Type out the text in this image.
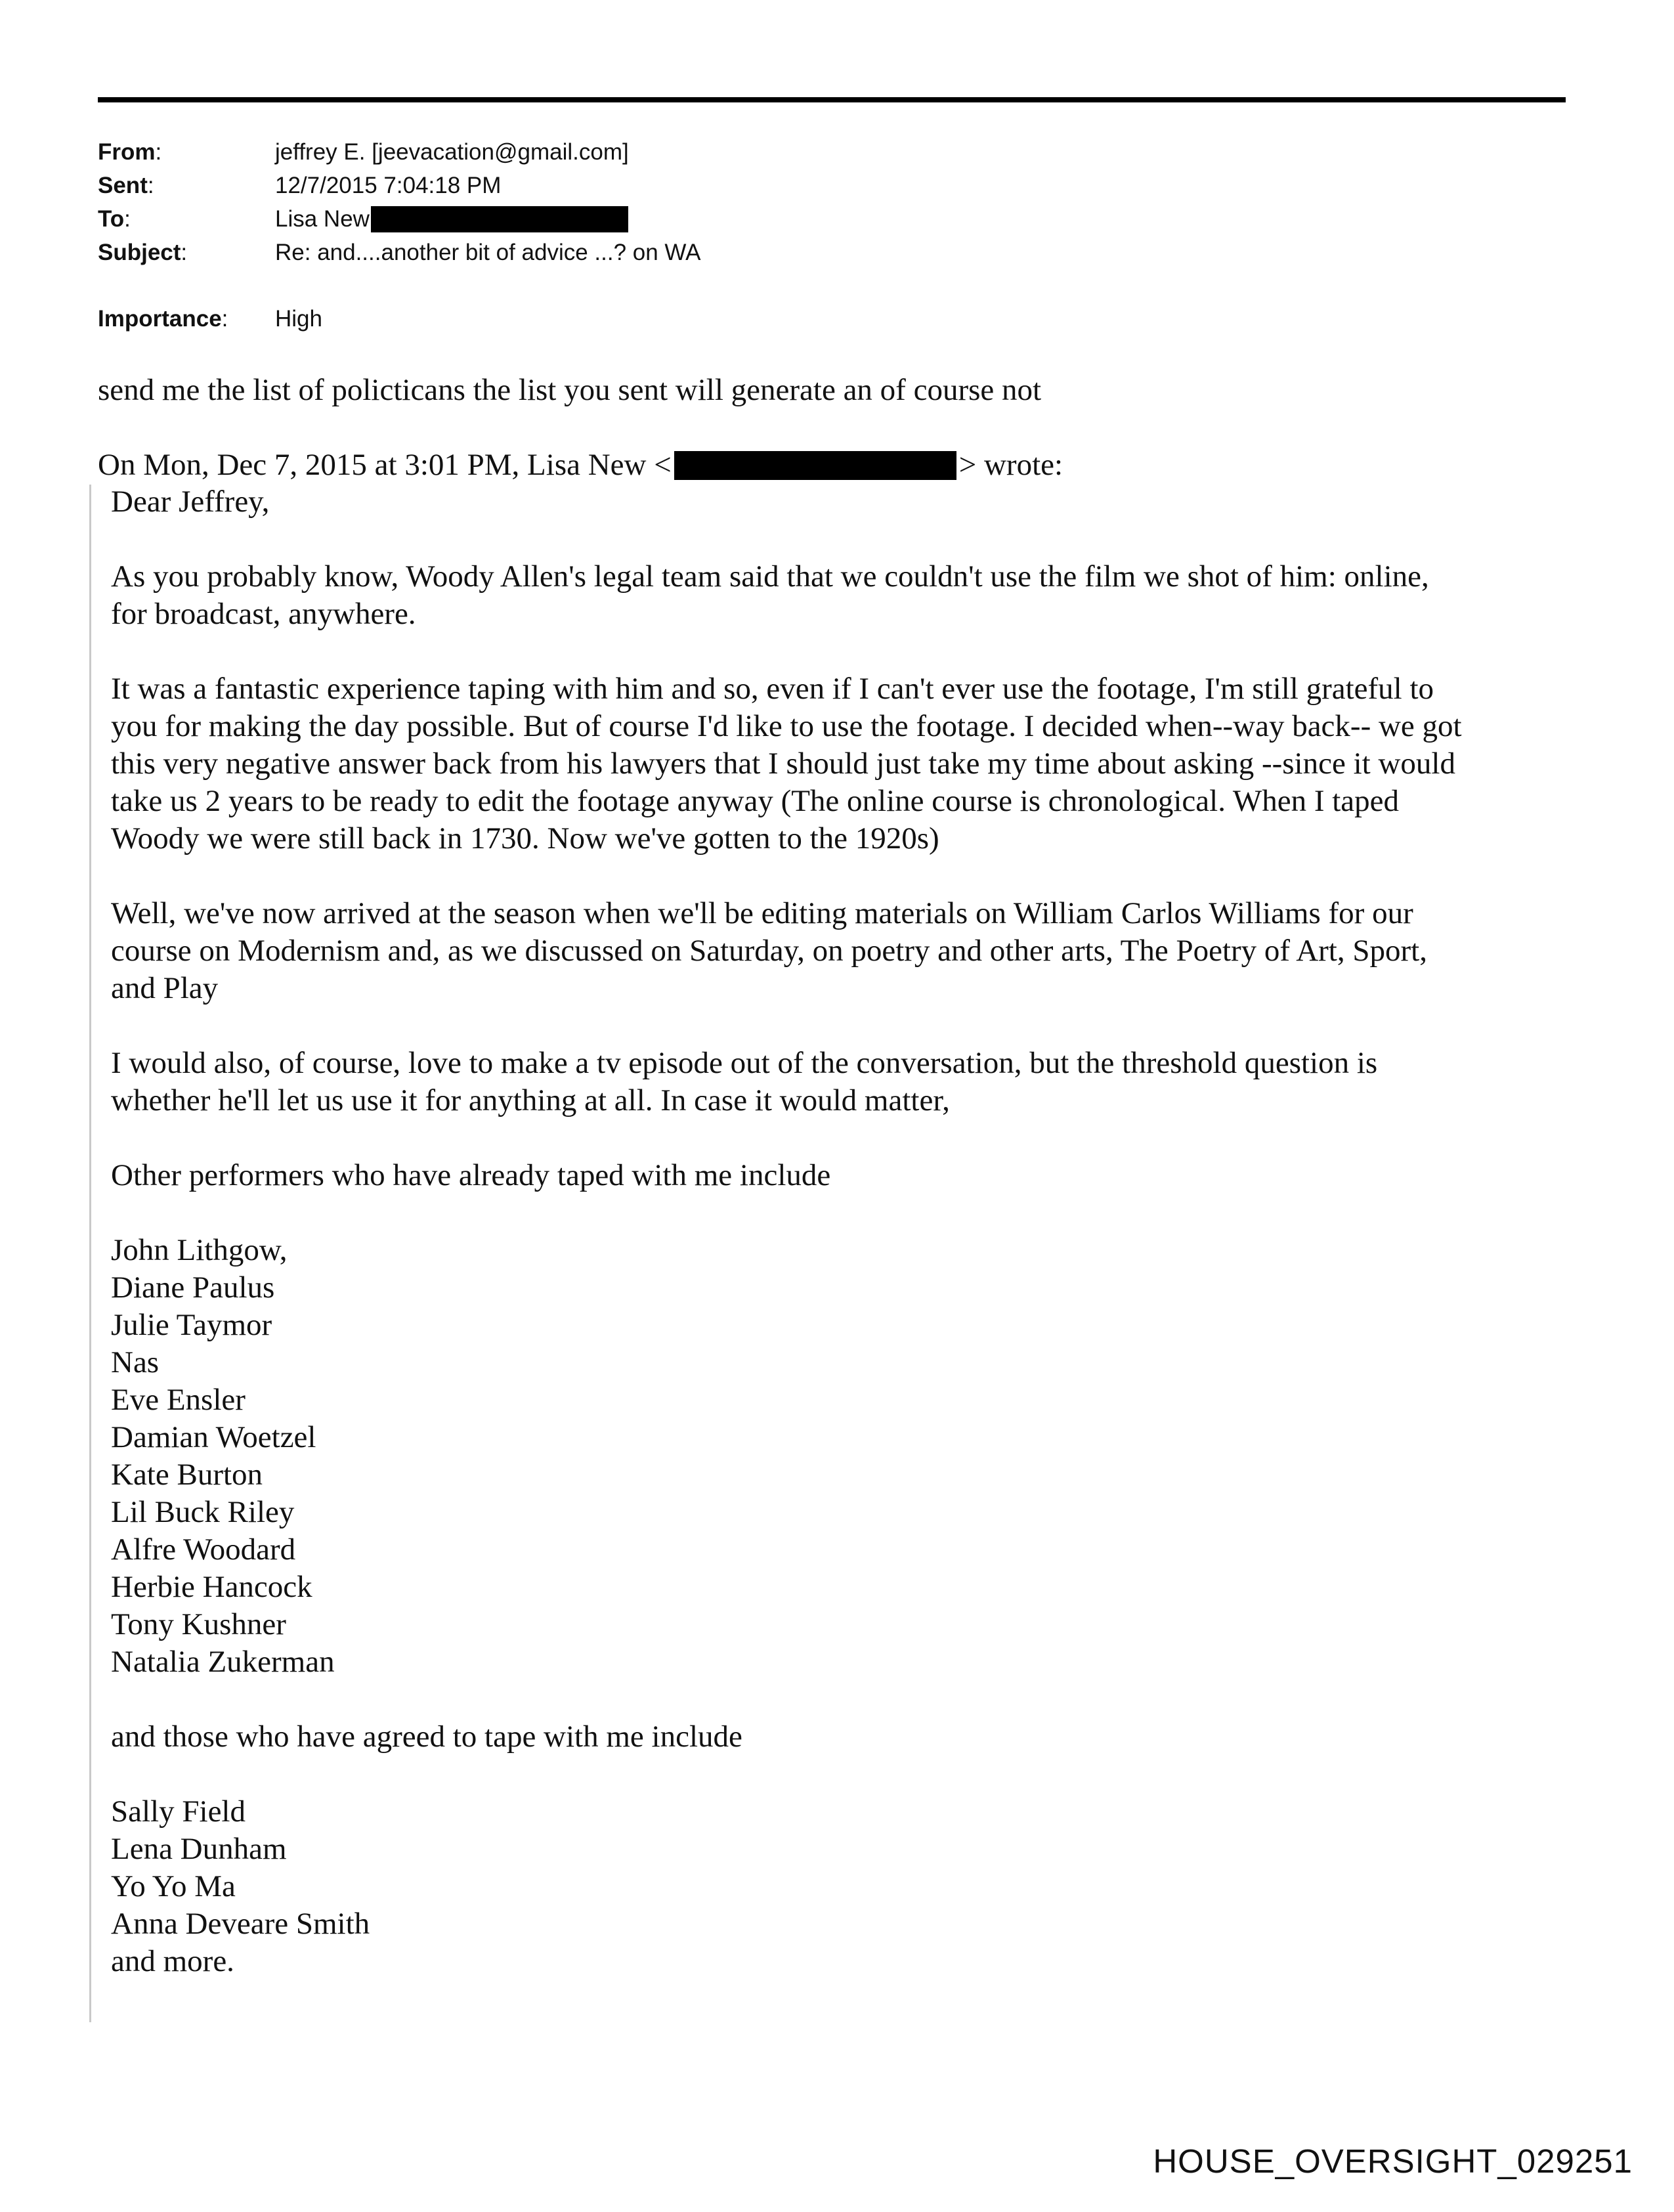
From:	jeffrey E. [jeevacation@gmail.com]
Sent:	12/7/2015 7:04:18 PM
To:	Lisa New
Subject:	Re: and....another bit of advice ...? on WA
Importance:	High
send me the list of policticans the list you sent will generate an of course not
On Mon, Dec 7, 2015 at 3:01 PM, Lisa New <	> wrote:

Dear Jeffrey,

As you probably know, Woody Allen's legal team said that we couldn't use the film we shot of him: online,
for broadcast, anywhere.

It was a fantastic experience taping with him and so, even if I can't ever use the footage, I'm still grateful to
you for making the day possible. But of course I'd like to use the footage. I decided when--way back-- we got
this very negative answer back from his lawyers that I should just take my time about asking --since it would
take us 2 years to be ready to edit the footage anyway (The online course is chronological. When I taped
Woody we were still back in 1730. Now we've gotten to the 1920s)

Well, we've now arrived at the season when we'll be editing materials on William Carlos Williams for our
course on Modernism and, as we discussed on Saturday, on poetry and other arts, The Poetry of Art, Sport,
and Play

I would also, of course, love to make a tv episode out of the conversation, but the threshold question is
whether he'll let us use it for anything at all. In case it would matter,

Other performers who have already taped with me include

John Lithgow,
Diane Paulus
Julie Taymor
Nas
Eve Ensler
Damian Woetzel
Kate Burton
Lil Buck Riley
Alfre Woodard
Herbie Hancock
Tony Kushner
Natalia Zukerman

and those who have agreed to tape with me include

Sally Field
Lena Dunham
Yo Yo Ma
Anna Deveare Smith
and more.
HOUSE_OVERSIGHT_029251
